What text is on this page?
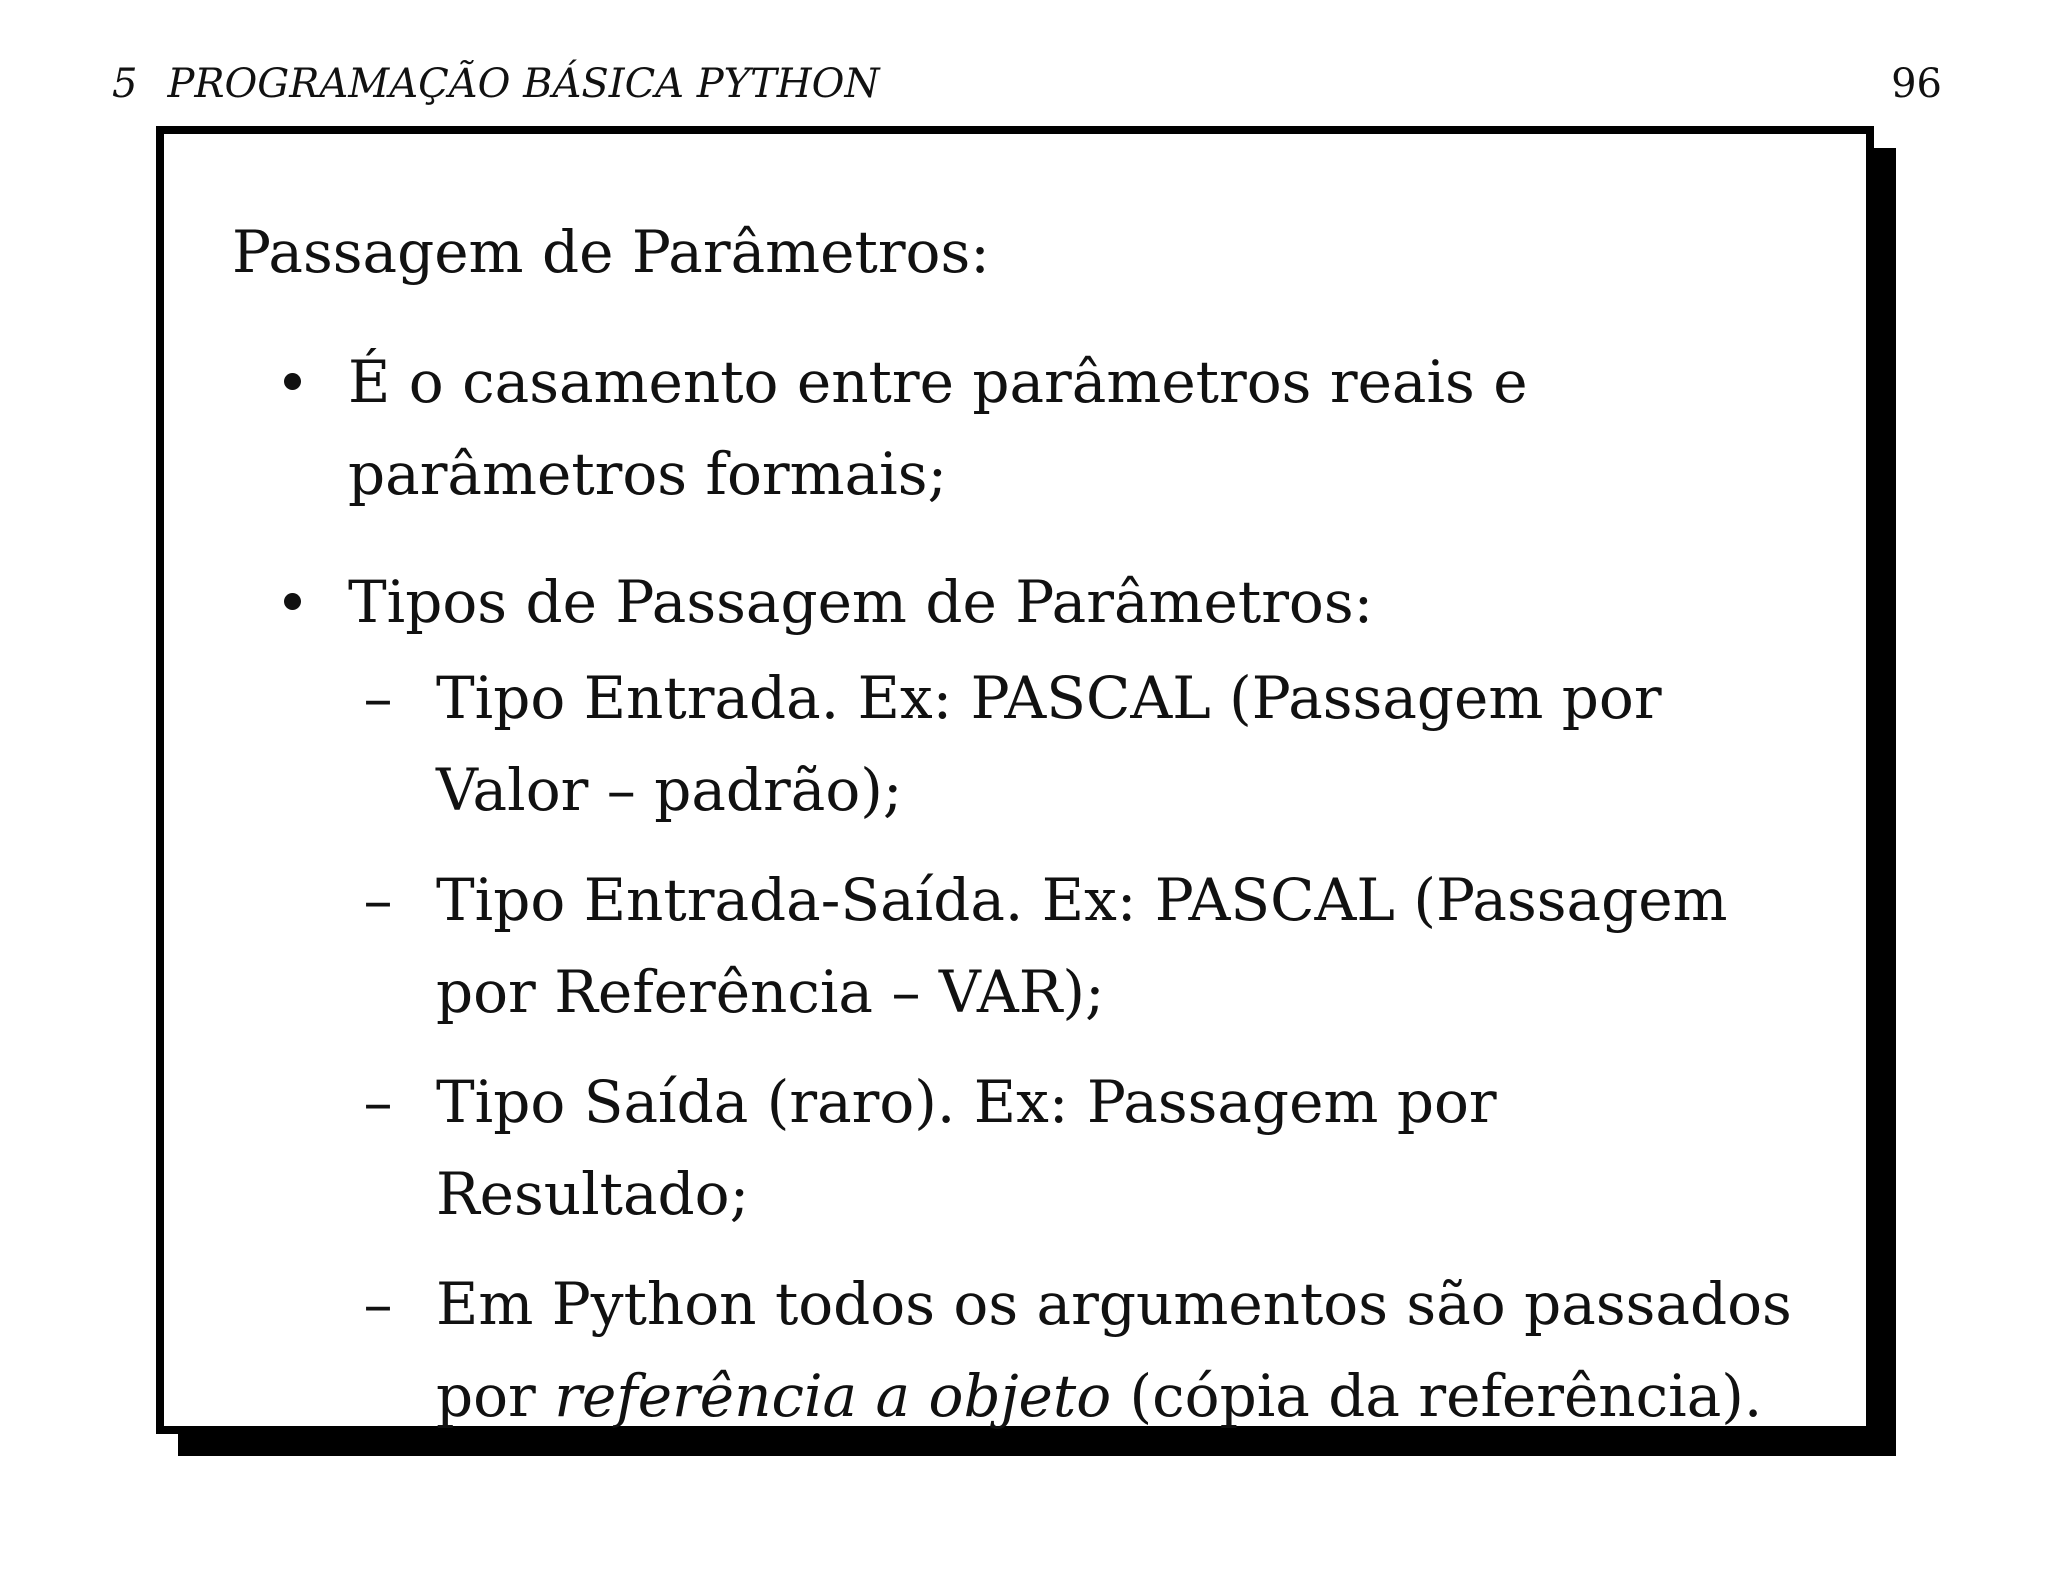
5 PROGRAMAÇÃO BÁSICA PYTHON	96
Passagem de Parâmetros:
É o casamento entre parâmetros reais e parâmetros formais;
Tipos de Passagem de Parâmetros:
– Tipo Entrada. Ex: PASCAL (Passagem por Valor – padrão);
– Tipo Entrada-Saída. Ex: PASCAL (Passagem por Referência – VAR);
– Tipo Saída (raro). Ex: Passagem por Resultado;
– Em Python todos os argumentos são passados por referência a objeto (cópia da referência).
